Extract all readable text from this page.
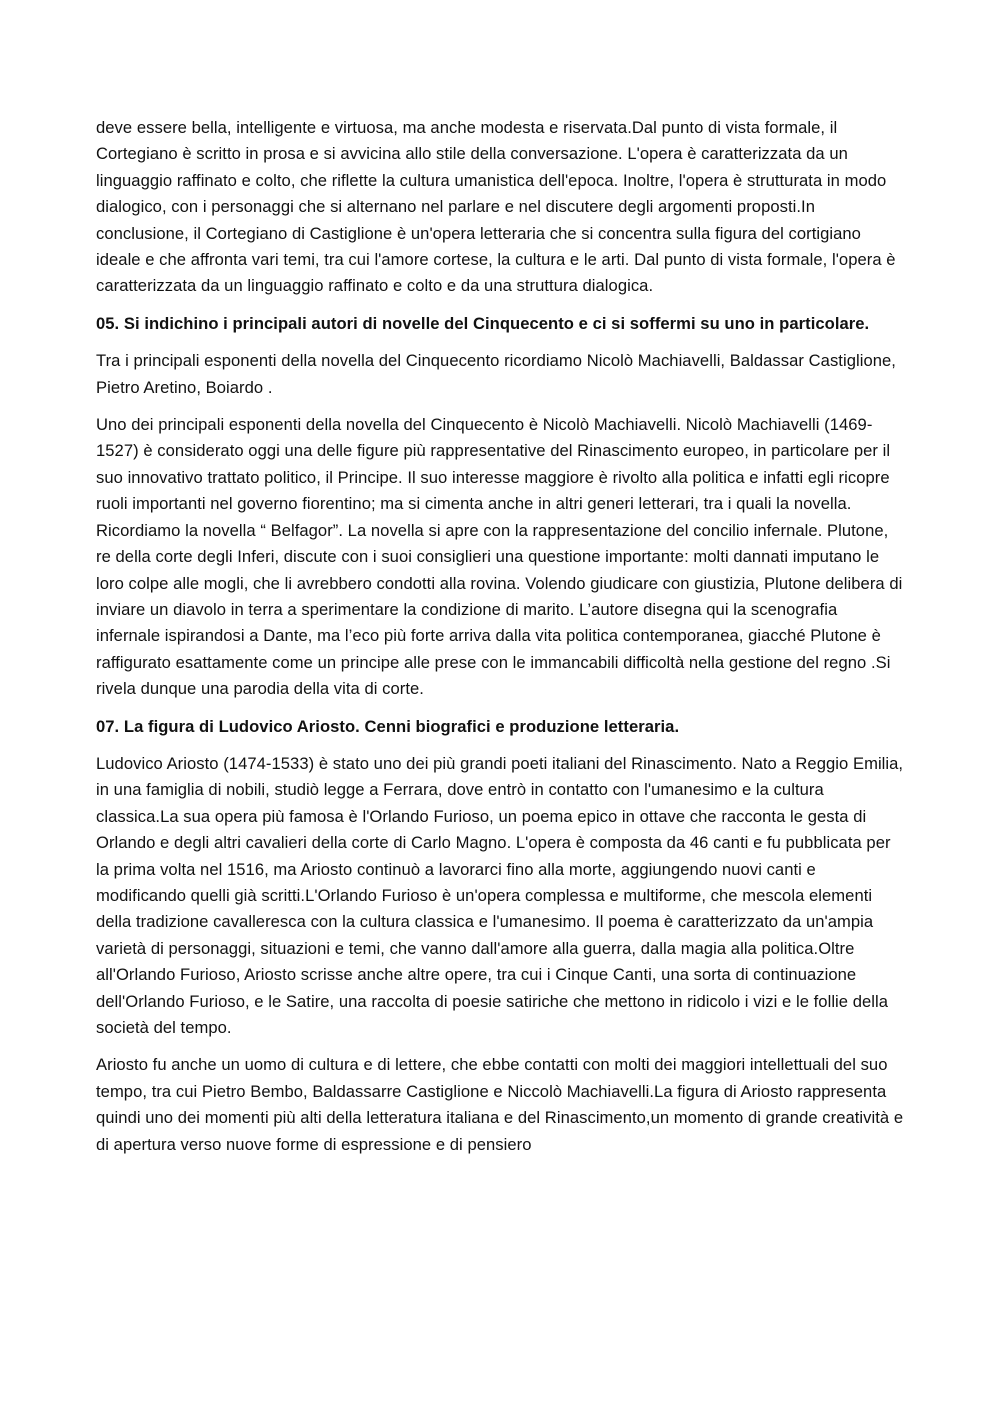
deve essere bella, intelligente e virtuosa, ma anche modesta e riservata.Dal punto di vista formale, il Cortegiano è scritto in prosa e si avvicina allo stile della conversazione. L'opera è caratterizzata da un linguaggio raffinato e colto, che riflette la cultura umanistica dell'epoca. Inoltre, l'opera è strutturata in modo dialogico, con i personaggi che si alternano nel parlare e nel discutere degli argomenti proposti.In conclusione, il Cortegiano di Castiglione è un'opera letteraria che si concentra sulla figura del cortigiano ideale e che affronta vari temi, tra cui l'amore cortese, la cultura e le arti. Dal punto di vista formale, l'opera è caratterizzata da un linguaggio raffinato e colto e da una struttura dialogica.

05. Si indichino i principali autori di novelle del Cinquecento e ci si soffermi su uno in particolare.

Tra i principali esponenti della novella del Cinquecento ricordiamo Nicolò Machiavelli, Baldassar Castiglione, Pietro Aretino, Boiardo .

Uno dei principali esponenti della novella del Cinquecento è Nicolò Machiavelli. Nicolò Machiavelli (1469-1527) è considerato oggi una delle figure più rappresentative del Rinascimento europeo, in particolare per il suo innovativo trattato politico, il Principe. Il suo interesse maggiore è rivolto alla politica e infatti egli ricopre ruoli importanti nel governo fiorentino; ma si cimenta anche in altri generi letterari, tra i quali la novella. Ricordiamo la novella “ Belfagor”. La novella si apre con la rappresentazione del concilio infernale. Plutone, re della corte degli Inferi, discute con i suoi consiglieri una questione importante: molti dannati imputano le loro colpe alle mogli, che li avrebbero condotti alla rovina. Volendo giudicare con giustizia, Plutone delibera di inviare un diavolo in terra a sperimentare la condizione di marito. L’autore disegna qui la scenografia infernale ispirandosi a Dante, ma l’eco più forte arriva dalla vita politica contemporanea, giacché Plutone è raffigurato esattamente come un principe alle prese con le immancabili difficoltà nella gestione del regno .Si rivela dunque una parodia della vita di corte.

07. La figura di Ludovico Ariosto. Cenni biografici e produzione letteraria.

Ludovico Ariosto (1474-1533) è stato uno dei più grandi poeti italiani del Rinascimento. Nato a Reggio Emilia, in una famiglia di nobili, studiò legge a Ferrara, dove entrò in contatto con l'umanesimo e la cultura classica.La sua opera più famosa è l'Orlando Furioso, un poema epico in ottave che racconta le gesta di Orlando e degli altri cavalieri della corte di Carlo Magno. L'opera è composta da 46 canti e fu pubblicata per la prima volta nel 1516, ma Ariosto continuò a lavorarci fino alla morte, aggiungendo nuovi canti e modificando quelli già scritti.L'Orlando Furioso è un'opera complessa e multiforme, che mescola elementi della tradizione cavalleresca con la cultura classica e l'umanesimo. Il poema è caratterizzato da un'ampia varietà di personaggi, situazioni e temi, che vanno dall'amore alla guerra, dalla magia alla politica.Oltre all'Orlando Furioso, Ariosto scrisse anche altre opere, tra cui i Cinque Canti, una sorta di continuazione dell'Orlando Furioso, e le Satire, una raccolta di poesie satiriche che mettono in ridicolo i vizi e le follie della società del tempo.

Ariosto fu anche un uomo di cultura e di lettere, che ebbe contatti con molti dei maggiori intellettuali del suo tempo, tra cui Pietro Bembo, Baldassarre Castiglione e Niccolò Machiavelli.La figura di Ariosto rappresenta quindi uno dei momenti più alti della letteratura italiana e del Rinascimento,un momento di grande creatività e di apertura verso nuove forme di espressione e di pensiero
